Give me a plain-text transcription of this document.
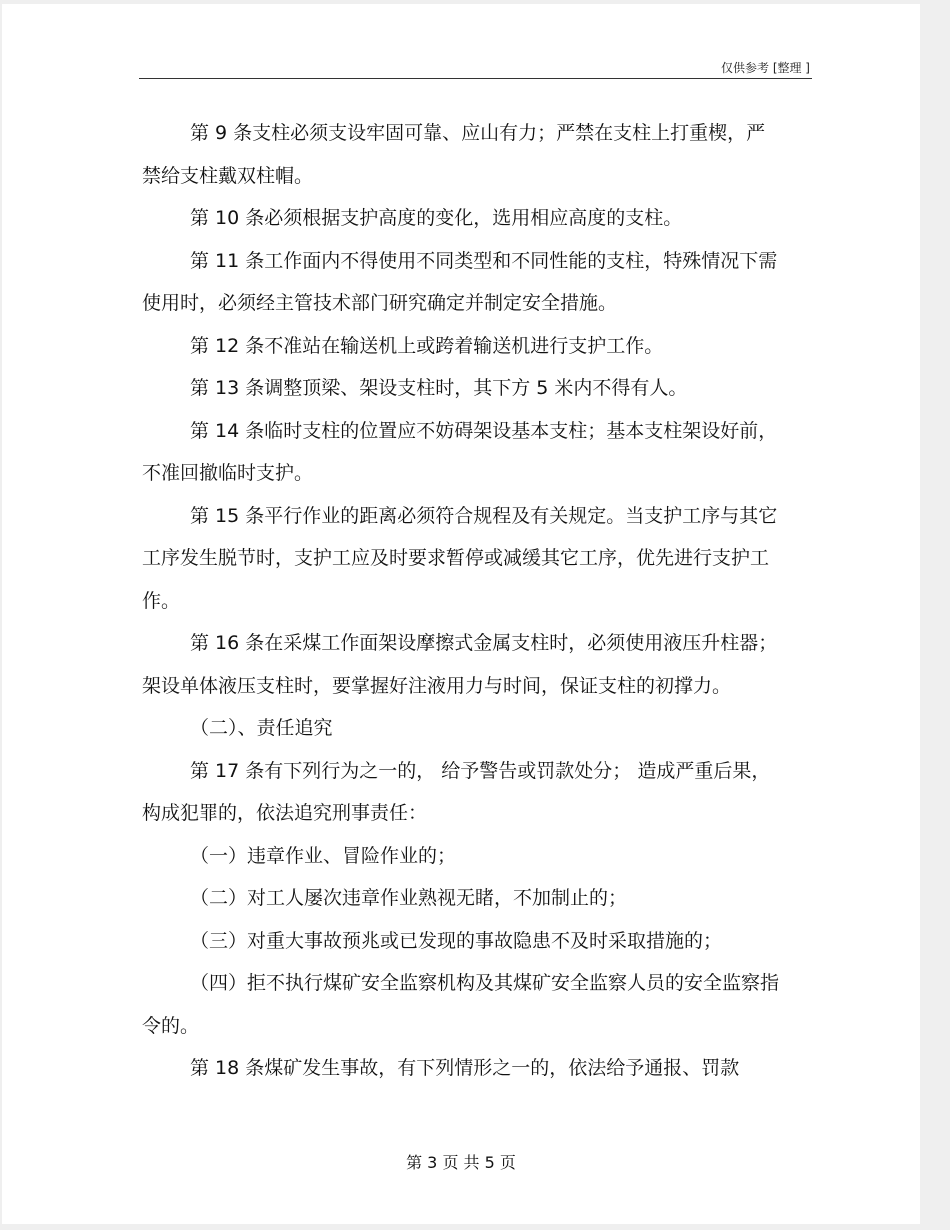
仅供参考 [整理 ]

第 9 条支柱必须支设牢固可靠、应山有力；严禁在支柱上打重楔，严禁给支柱戴双柱帽。

第 10 条必须根据支护高度的变化，选用相应高度的支柱。

第 11 条工作面内不得使用不同类型和不同性能的支柱，特殊情况下需使用时，必须经主管技术部门研究确定并制定安全措施。

第 12 条不准站在输送机上或跨着输送机进行支护工作。

第 13 条调整顶梁、架设支柱时，其下方 5 米内不得有人。

第 14 条临时支柱的位置应不妨碍架设基本支柱；基本支柱架设好前，不准回撤临时支护。

第 15 条平行作业的距离必须符合规程及有关规定。当支护工序与其它工序发生脱节时，支护工应及时要求暂停或减缓其它工序，优先进行支护工作。

第 16 条在采煤工作面架设摩擦式金属支柱时，必须使用液压升柱器；架设单体液压支柱时，要掌握好注液用力与时间，保证支柱的初撑力。

（二）、责任追究

第 17 条有下列行为之一的， 给予警告或罚款处分； 造成严重后果，构成犯罪的，依法追究刑事责任：

（一）违章作业、冒险作业的；

（二）对工人屡次违章作业熟视无睹，不加制止的；

（三）对重大事故预兆或已发现的事故隐患不及时采取措施的；

（四）拒不执行煤矿安全监察机构及其煤矿安全监察人员的安全监察指令的。

第 18 条煤矿发生事故，有下列情形之一的，依法给予通报、罚款

第 3 页 共 5 页
